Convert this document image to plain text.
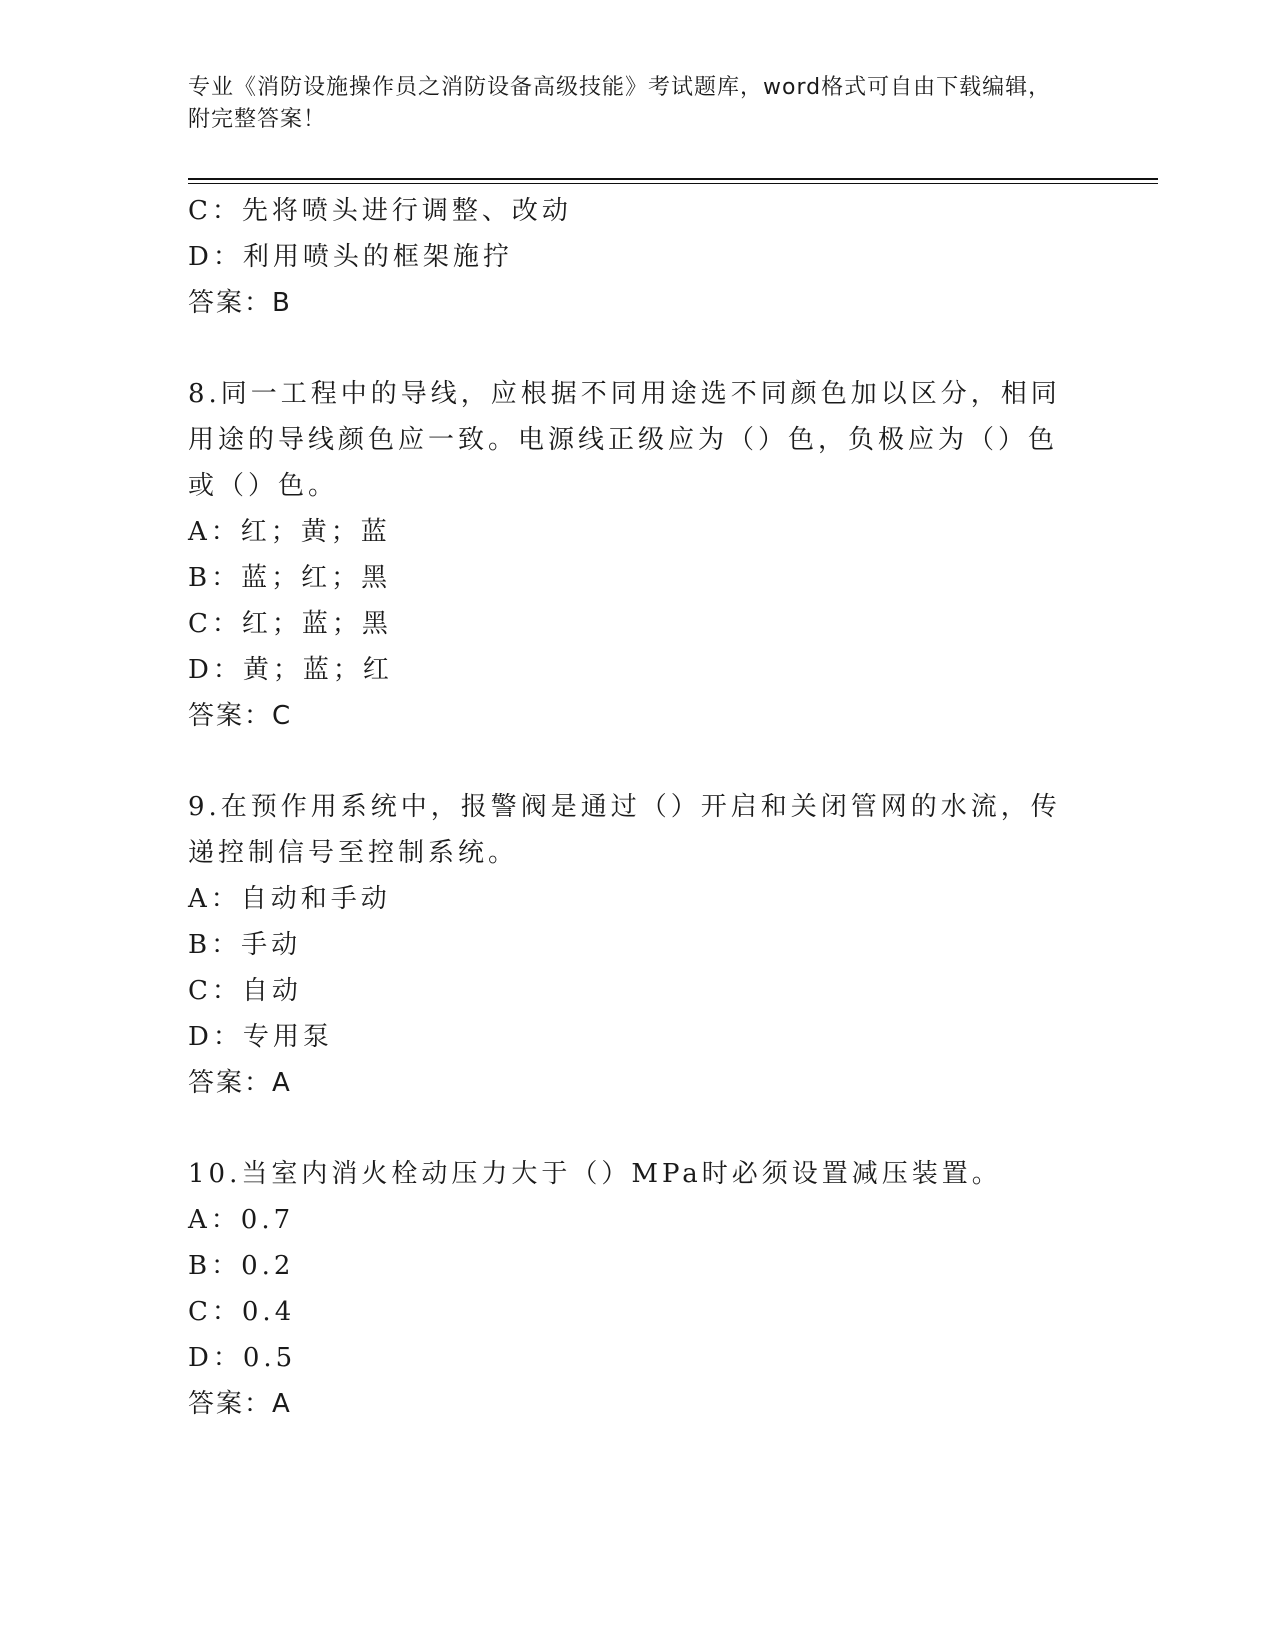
专业《消防设施操作员之消防设备高级技能》考试题库，word格式可自由下载编辑，附完整答案！
C：先将喷头进行调整、改动
D：利用喷头的框架施拧
答案：B
8.同一工程中的导线，应根据不同用途选不同颜色加以区分，相同用途的导线颜色应一致。电源线正级应为（）色，负极应为（）色或（）色。
A：红；黄；蓝
B：蓝；红；黑
C：红；蓝；黑
D：黄；蓝；红
答案：C
9.在预作用系统中，报警阀是通过（）开启和关闭管网的水流，传递控制信号至控制系统。
A：自动和手动
B：手动
C：自动
D：专用泵
答案：A
10.当室内消火栓动压力大于（）MPa时必须设置减压装置。
A：0.7
B：0.2
C：0.4
D：0.5
答案：A
